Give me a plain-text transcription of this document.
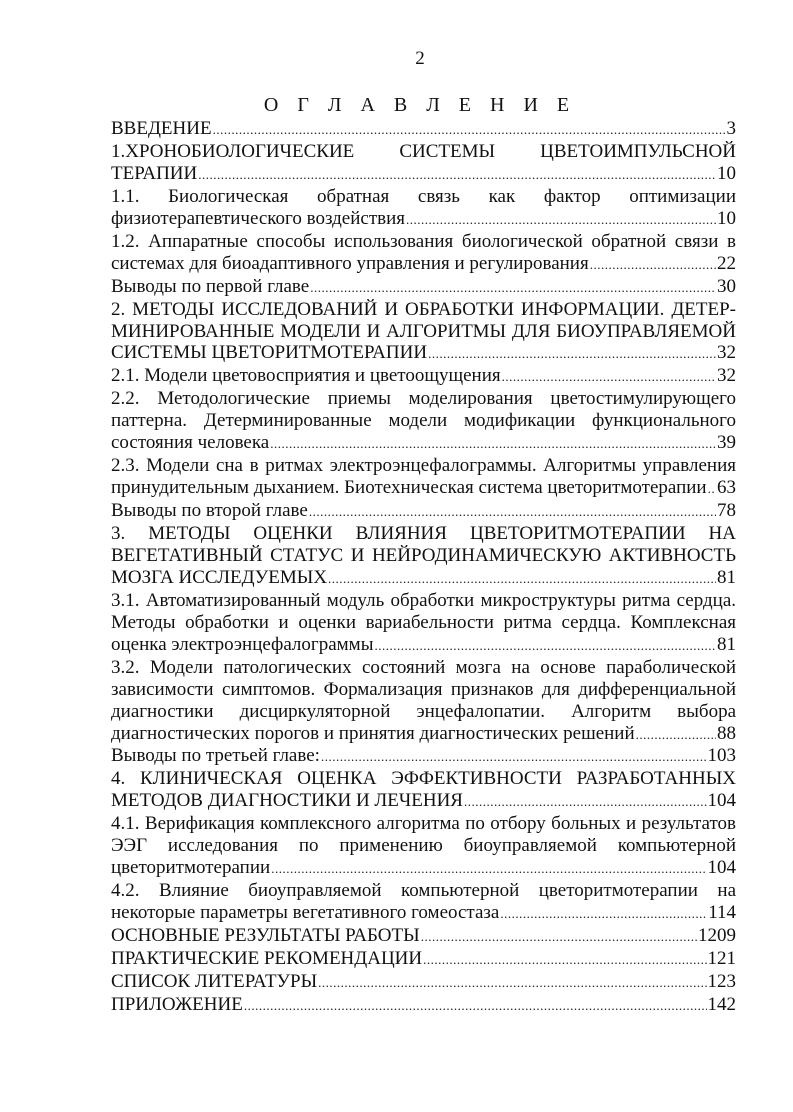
2
О Г Л А В Л Е Н И Е
ВВЕДЕНИЕ .....	3
1.ХРОНОБИОЛОГИЧЕСКИЕ СИСТЕМЫ ЦВЕТОИМПУЛЬСНОЙ
ТЕРАПИИ .....	10
1.1. Биологическая обратная связь как фактор оптимизации
физиотерапевтического воздействия .....	10
1.2. Аппаратные способы использования биологической обратной связи в
системах для биоадаптивного управления и регулирования .....	22
Выводы по первой главе .....	30
2. МЕТОДЫ ИССЛЕДОВАНИЙ И ОБРАБОТКИ ИНФОРМАЦИИ. ДЕТЕР-
МИНИРОВАННЫЕ МОДЕЛИ И АЛГОРИТМЫ ДЛЯ БИОУПРАВЛЯЕМОЙ
СИСТЕМЫ ЦВЕТОРИТМОТЕРАПИИ .....	32
2.1. Модели цветовосприятия и цветоощущения .....	32
2.2. Методологические приемы моделирования цветостимулирующего
паттерна. Детерминированные модели модификации функционального
состояния человека .....	39
2.3. Модели сна в ритмах электроэнцефалограммы. Алгоритмы управления
принудительным дыханием. Биотехническая система цветоритмотерапии ..... 63
Выводы по второй главе .....	78
3. МЕТОДЫ ОЦЕНКИ ВЛИЯНИЯ ЦВЕТОРИТМОТЕРАПИИ НА
ВЕГЕТАТИВНЫЙ СТАТУС И НЕЙРОДИНАМИЧЕСКУЮ АКТИВНОСТЬ
МОЗГА ИССЛЕДУЕМЫХ .....	81
3.1. Автоматизированный модуль обработки микроструктуры ритма сердца.
Методы обработки и оценки вариабельности ритма сердца. Комплексная
оценка электроэнцефалограммы .....	81
3.2. Модели патологических состояний мозга на основе параболической
зависимости симптомов. Формализация признаков для дифференциальной
диагностики дисциркуляторной энцефалопатии. Алгоритм выбора
диагностических порогов и принятия диагностических решений .....	88
Выводы по третьей главе: .....	103
4. КЛИНИЧЕСКАЯ ОЦЕНКА ЭФФЕКТИВНОСТИ РАЗРАБОТАННЫХ
МЕТОДОВ ДИАГНОСТИКИ И ЛЕЧЕНИЯ .....	104
4.1. Верификация комплексного алгоритма по отбору больных и результатов
ЭЭГ исследования по применению биоуправляемой компьютерной
цветоритмотерапии .....	104
4.2. Влияние биоуправляемой компьютерной цветоритмотерапии на
некоторые параметры вегетативного гомеостаза .....	114
ОСНОВНЫЕ РЕЗУЛЬТАТЫ РАБОТЫ .....	1209
ПРАКТИЧЕСКИЕ РЕКОМЕНДАЦИИ .....	121
СПИСОК ЛИТЕРАТУРЫ .....	123
ПРИЛОЖЕНИЕ .....	142
